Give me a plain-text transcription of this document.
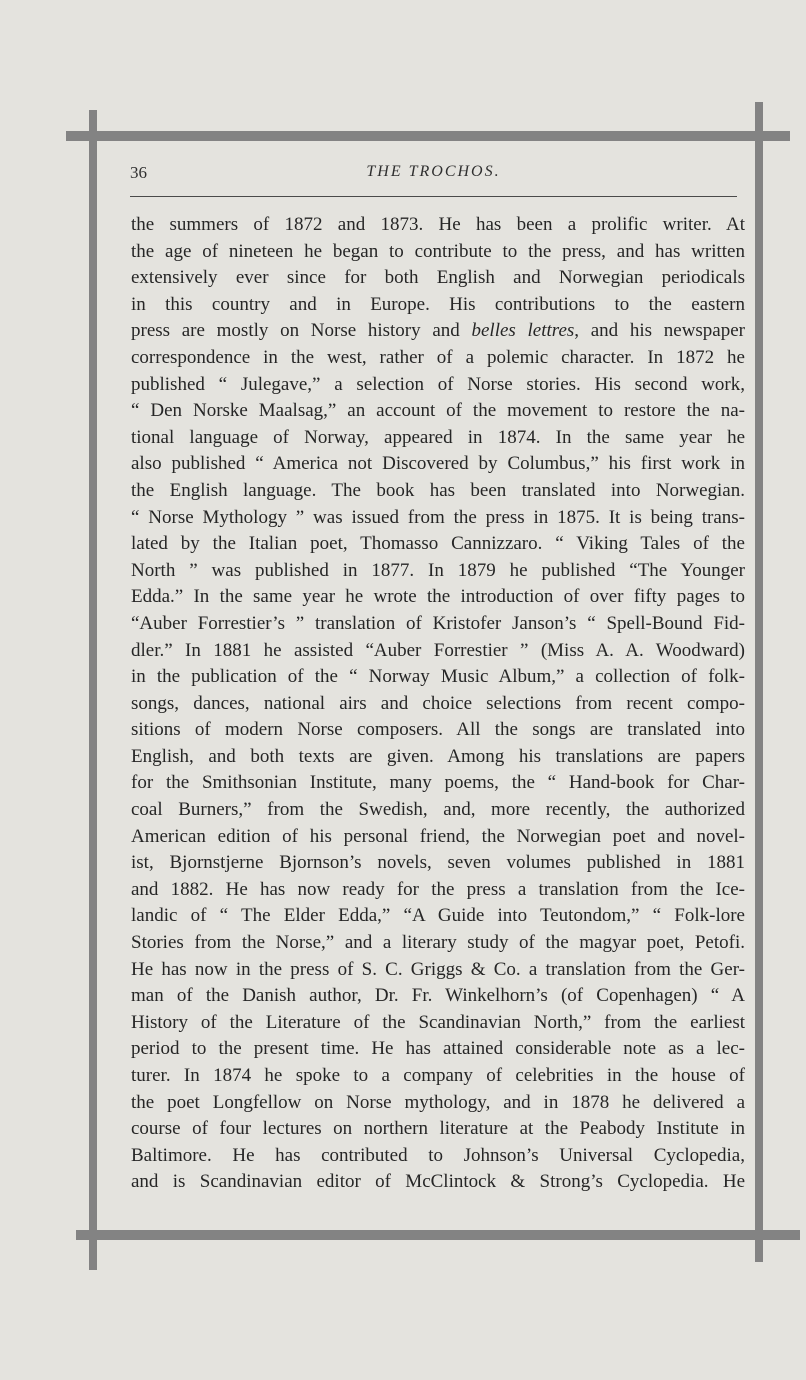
36	THE TROCHOS.
the summers of 1872 and 1873. He has been a prolific writer. At
the age of nineteen he began to contribute to the press, and has written
extensively ever since for both English and Norwegian periodicals
in this country and in Europe. His contributions to the eastern
press are mostly on Norse history and belles lettres, and his newspaper
correspondence in the west, rather of a polemic character. In 1872 he
published “ Julegave,” a selection of Norse stories. His second work,
“ Den Norske Maalsag,” an account of the movement to restore the na-
tional language of Norway, appeared in 1874. In the same year he
also published “ America not Discovered by Columbus,” his first work in
the English language. The book has been translated into Norwegian.
“ Norse Mythology ” was issued from the press in 1875. It is being trans-
lated by the Italian poet, Thomasso Cannizzaro. “ Viking Tales of the
North ” was published in 1877. In 1879 he published “The Younger
Edda.” In the same year he wrote the introduction of over fifty pages to
“Auber Forrestier’s ” translation of Kristofer Janson’s “ Spell-Bound Fid-
dler.” In 1881 he assisted “Auber Forrestier ” (Miss A. A. Woodward)
in the publication of the “ Norway Music Album,” a collection of folk-
songs, dances, national airs and choice selections from recent compo-
sitions of modern Norse composers. All the songs are translated into
English, and both texts are given. Among his translations are papers
for the Smithsonian Institute, many poems, the “ Hand-book for Char-
coal Burners,” from the Swedish, and, more recently, the authorized
American edition of his personal friend, the Norwegian poet and novel-
ist, Bjornstjerne Bjornson’s novels, seven volumes published in 1881
and 1882. He has now ready for the press a translation from the Ice-
landic of “ The Elder Edda,” “A Guide into Teutondom,” “ Folk-lore
Stories from the Norse,” and a literary study of the magyar poet, Petofi.
He has now in the press of S. C. Griggs & Co. a translation from the Ger-
man of the Danish author, Dr. Fr. Winkelhorn’s (of Copenhagen) “ A
History of the Literature of the Scandinavian North,” from the earliest
period to the present time. He has attained considerable note as a lec-
turer. In 1874 he spoke to a company of celebrities in the house of
the poet Longfellow on Norse mythology, and in 1878 he delivered a
course of four lectures on northern literature at the Peabody Institute in
Baltimore. He has contributed to Johnson’s Universal Cyclopedia,
and is Scandinavian editor of McClintock & Strong’s Cyclopedia. He
